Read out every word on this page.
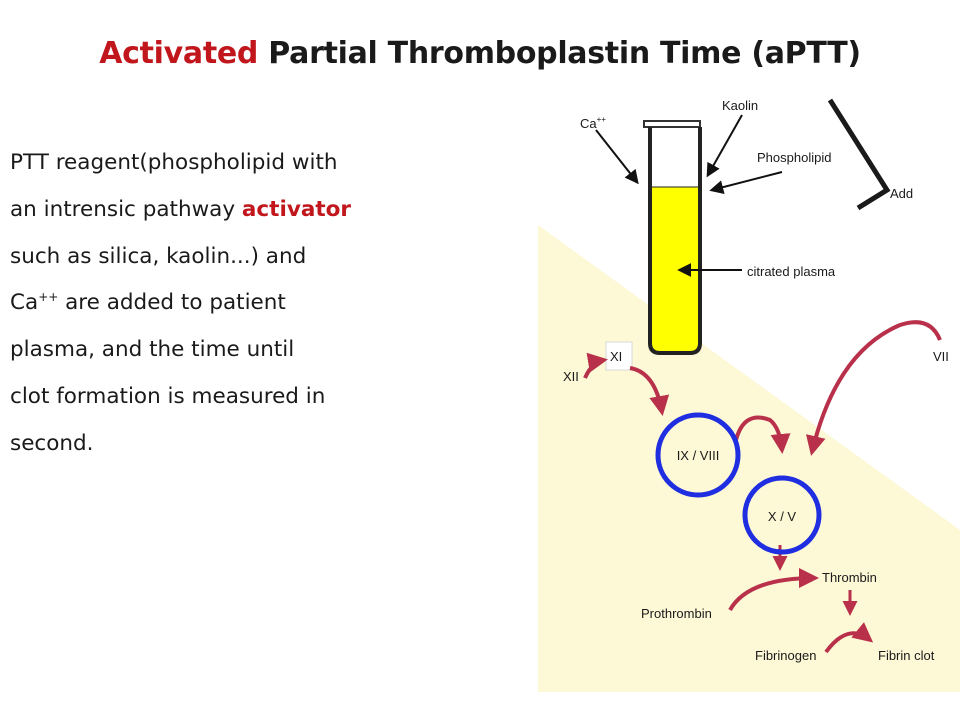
Activated Partial Thromboplastin Time (aPTT)
PTT reagent(phospholipid with
an intrensic pathway activator
such as silica, kaolin...) and
Ca++ are added to patient
plasma, and the time until
clot formation is measured in
second.
Ca++
Kaolin
Phospholipid
Add
citrated plasma
XI
XII
VII
IX / VIII
X / V
Thrombin
Prothrombin
Fibrinogen	Fibrin clot
